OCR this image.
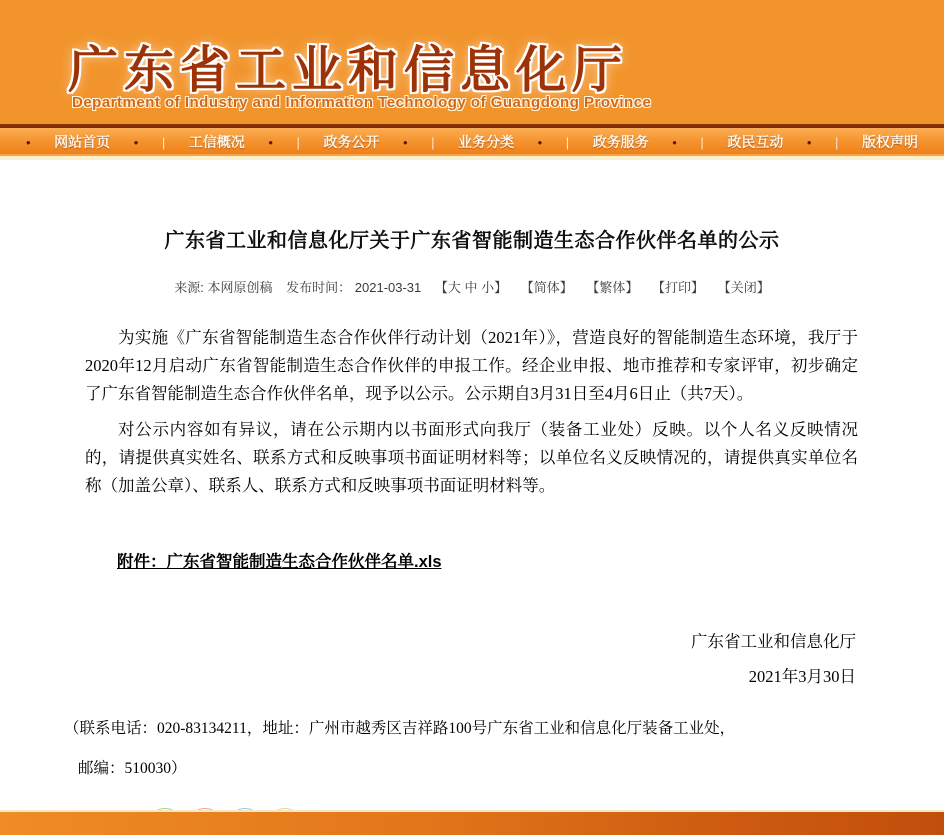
广东省工业和信息化厅
Department of Industry and Information Technology of Guangdong Province
• 网站首页 • | 工信概况 • | 政务公开 • | 业务分类 • | 政务服务 • | 政民互动 • | 版权声明
广东省工业和信息化厅关于广东省智能制造生态合作伙伴名单的公示
来源: 本网原创稿 发布时间： 2021-03-31 【大 中 小】 【简体】 【繁体】 【打印】 【关闭】

为实施《广东省智能制造生态合作伙伴行动计划（2021年）》，营造良好的智能制造生态环境，我厅于2020年12月启动广东省智能制造生态合作伙伴的申报工作。经企业申报、地市推荐和专家评审，初步确定了广东省智能制造生态合作伙伴名单，现予以公示。公示期自3月31日至4月6日止（共7天）。

对公示内容如有异议，请在公示期内以书面形式向我厅（装备工业处）反映。以个人名义反映情况的，请提供真实姓名、联系方式和反映事项书面证明材料等；以单位名义反映情况的，请提供真实单位名称（加盖公章）、联系人、联系方式和反映事项书面证明材料等。

附件：广东省智能制造生态合作伙伴名单.xls
广东省工业和信息化厅
2021年3月30日
（联系电话：020-83134211，地址：广州市越秀区吉祥路100号广东省工业和信息化厅装备工业处，
邮编：510030）
